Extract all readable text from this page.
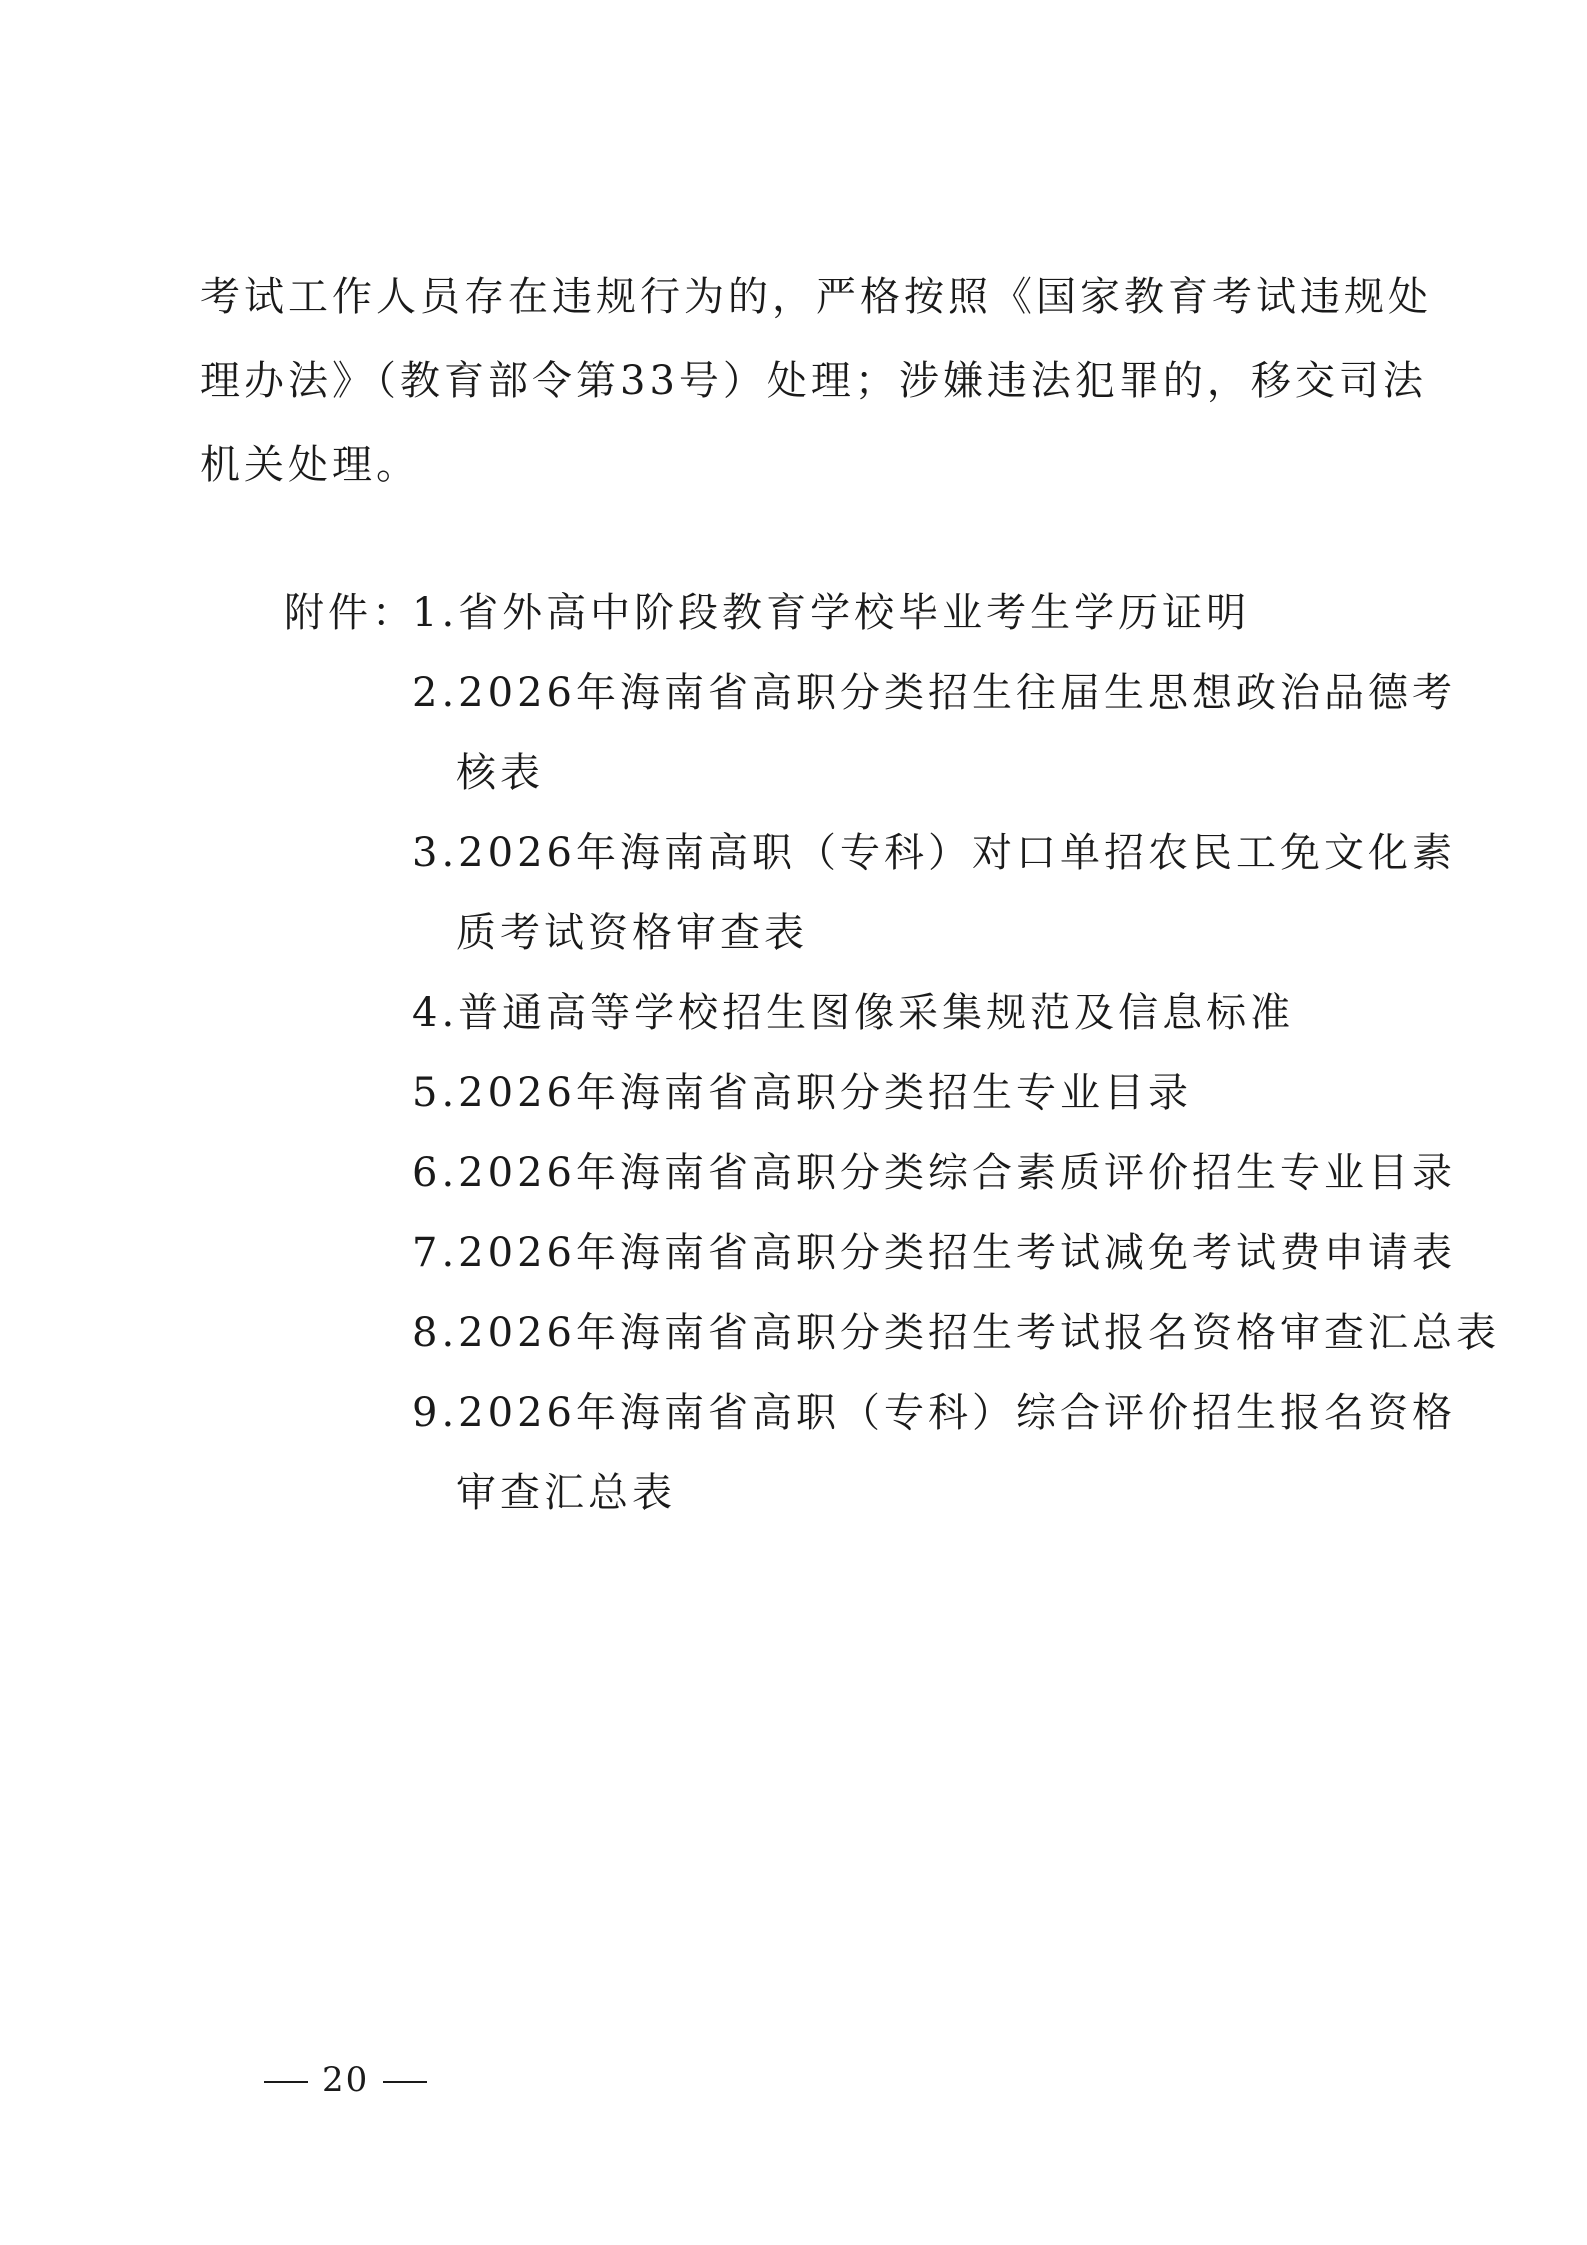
考试工作人员存在违规行为的，严格按照《国家教育考试违规处
理办法》（教育部令第33号）处理；涉嫌违法犯罪的，移交司法
机关处理。
附件：
1.省外高中阶段教育学校毕业考生学历证明
2.2026年海南省高职分类招生往届生思想政治品德考
核表
3.2026年海南高职（专科）对口单招农民工免文化素
质考试资格审查表
4.普通高等学校招生图像采集规范及信息标准
5.2026年海南省高职分类招生专业目录
6.2026年海南省高职分类综合素质评价招生专业目录
7.2026年海南省高职分类招生考试减免考试费申请表
8.2026年海南省高职分类招生考试报名资格审查汇总表
9.2026年海南省高职（专科）综合评价招生报名资格
审查汇总表
20
